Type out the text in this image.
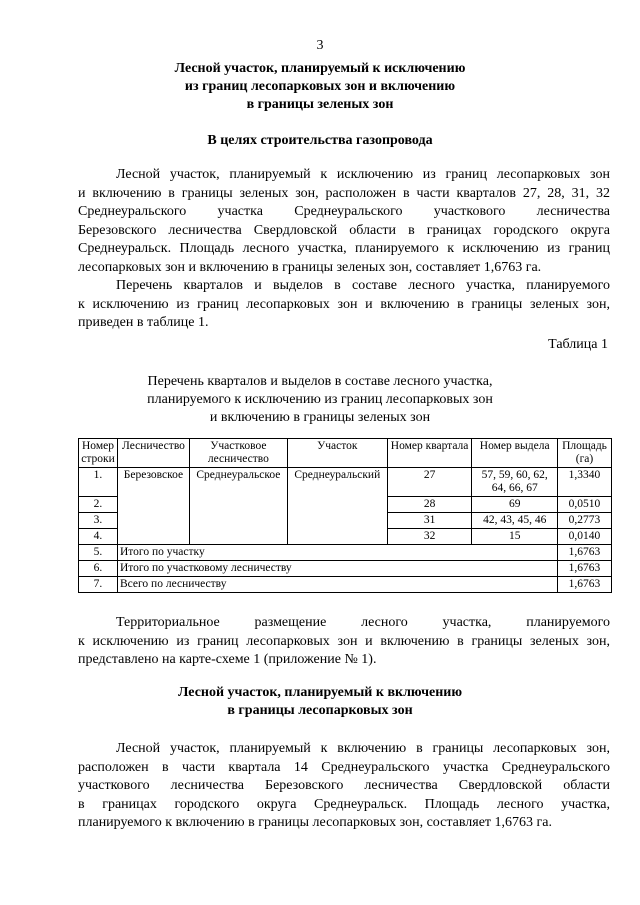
3
Лесной участок, планируемый к исключению
из границ лесопарковых зон и включению
в границы зеленых зон
В целях строительства газопровода
Лесной участок, планируемый к исключению из границ лесопарковых зон
и включению в границы зеленых зон, расположен в части кварталов 27, 28, 31, 32
Среднеуральского участка Среднеуральского участкового лесничества
Березовского лесничества Свердловской области в границах городского округа
Среднеуральск. Площадь лесного участка, планируемого к исключению из границ
лесопарковых зон и включению в границы зеленых зон, составляет 1,6763 га.
Перечень кварталов и выделов в составе лесного участка, планируемого
к исключению из границ лесопарковых зон и включению в границы зеленых зон,
приведен в таблице 1.
Таблица 1
Перечень кварталов и выделов в составе лесного участка,
планируемого к исключению из границ лесопарковых зон
и включению в границы зеленых зон
Номер строки	Лесничество	Участковое лесничество	Участок	Номер квартала	Номер выдела	Площадь (га)
1.	Березовское	Среднеуральское	Среднеуральский	27	57, 59, 60, 62, 64, 66, 67	1,3340
2.				28	69	0,0510
3.				31	42, 43, 45, 46	0,2773
4.				32	15	0,0140
5.	Итого по участку					1,6763
6.	Итого по участковому лесничеству					1,6763
7.	Всего по лесничеству					1,6763
Территориальное размещение лесного участка, планируемого
к исключению из границ лесопарковых зон и включению в границы зеленых зон,
представлено на карте-схеме 1 (приложение № 1).
Лесной участок, планируемый к включению
в границы лесопарковых зон
Лесной участок, планируемый к включению в границы лесопарковых зон,
расположен в части квартала 14 Среднеуральского участка Среднеуральского
участкового лесничества Березовского лесничества Свердловской области
в границах городского округа Среднеуральск. Площадь лесного участка,
планируемого к включению в границы лесопарковых зон, составляет 1,6763 га.
